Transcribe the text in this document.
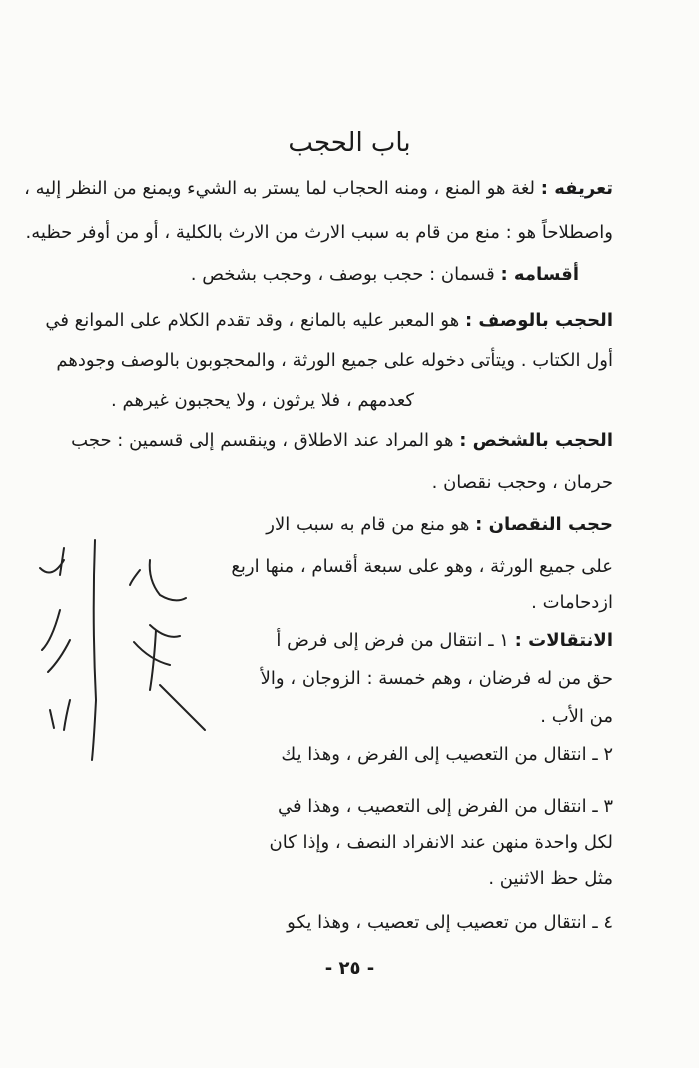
باب الحجب
تعريفه : لغة هو المنع ، ومنه الحجاب لما يستر به الشيء ويمنع من النظر إليه ،
واصطلاحاً هو : منع من قام به سبب الارث من الارث بالكلية ، أو من أوفر حظيه.
أقسامه : قسمان : حجب بوصف ، وحجب بشخص .
الحجب بالوصف : هو المعبر عليه بالمانع ، وقد تقدم الكلام على الموانع في
أول الكتاب . ويتأتى دخوله على جميع الورثة ، والمحجوبون بالوصف وجودهم
كعدمهم ، فلا يرثون ، ولا يحجبون غيرهم .
الحجب بالشخص : هو المراد عند الاطلاق ، وينقسم إلى قسمين : حجب
حرمان ، وحجب نقصان .
حجب النقصان : هو منع من قام به سبب الار
على جميع الورثة ، وهو على سبعة أقسام ، منها اربع
ازدحامات .
الانتقالات : ١ ـ انتقال من فرض إلى فرض أ
حق من له فرضان ، وهم خمسة : الزوجان ، والأ
من الأب .
٢ ـ انتقال من التعصيب إلى الفرض ، وهذا يك
٣ ـ انتقال من الفرض إلى التعصيب ، وهذا في
لكل واحدة منهن عند الانفراد النصف ، وإذا كان
مثل حظ الاثنين .
٤ ـ انتقال من تعصيب إلى تعصيب ، وهذا يكو
- ٢٥ -
